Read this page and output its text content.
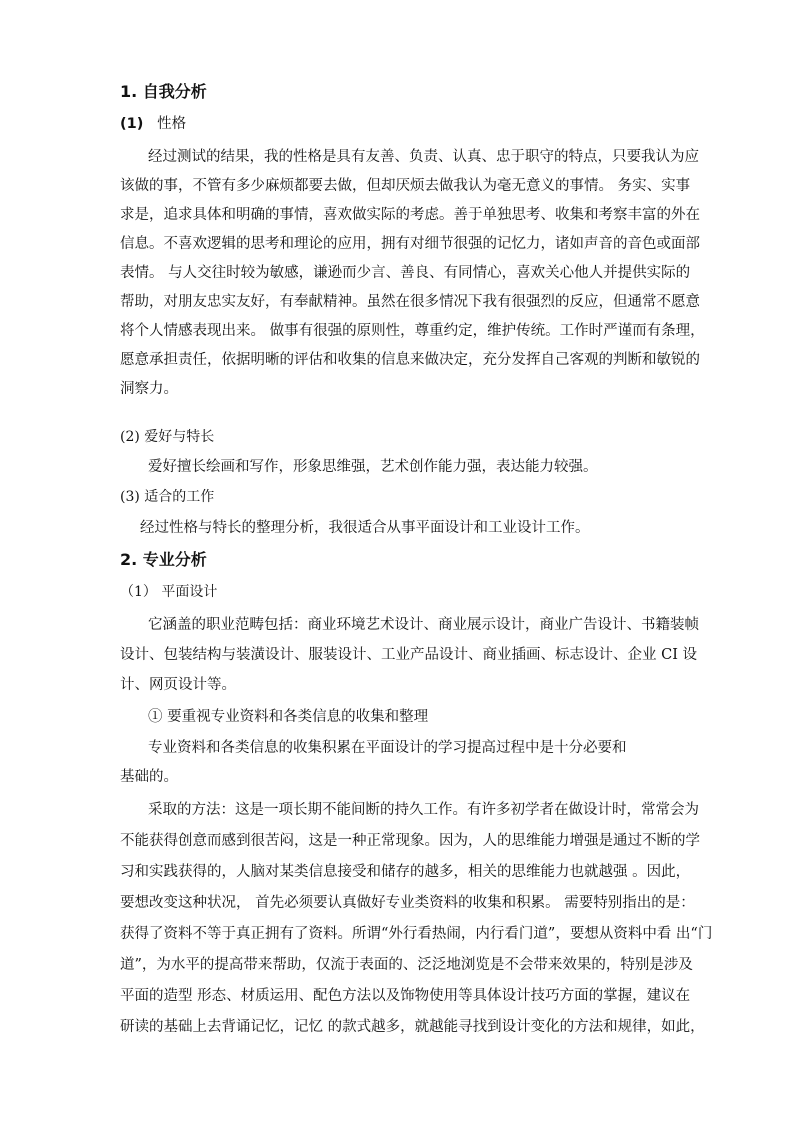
1. 自我分析
(1) 性格
经过测试的结果，我的性格是具有友善、负责、认真、忠于职守的特点，只要我认为应
该做的事，不管有多少麻烦都要去做，但却厌烦去做我认为毫无意义的事情。 务实、实事
求是，追求具体和明确的事情，喜欢做实际的考虑。善于单独思考、收集和考察丰富的外在
信息。不喜欢逻辑的思考和理论的应用，拥有对细节很强的记忆力，诸如声音的音色或面部
表情。 与人交往时较为敏感，谦逊而少言、善良、有同情心，喜欢关心他人并提供实际的
帮助，对朋友忠实友好，有奉献精神。虽然在很多情况下我有很强烈的反应，但通常不愿意
将个人情感表现出来。 做事有很强的原则性，尊重约定，维护传统。工作时严谨而有条理，
愿意承担责任，依据明晰的评估和收集的信息来做决定，充分发挥自己客观的判断和敏锐的
洞察力。
(2) 爱好与特长
爱好擅长绘画和写作，形象思维强，艺术创作能力强，表达能力较强。
(3) 适合的工作
经过性格与特长的整理分析，我很适合从事平面设计和工业设计工作。
2. 专业分析
（1） 平面设计
它涵盖的职业范畴包括：商业环境艺术设计、商业展示设计，商业广告设计、书籍装帧
设计、包装结构与装潢设计、服装设计、工业产品设计、商业插画、标志设计、企业 CI 设
计、网页设计等。
① 要重视专业资料和各类信息的收集和整理
专业资料和各类信息的收集积累在平面设计的学习提高过程中是十分必要和
基础的。
采取的方法：这是一项长期不能间断的持久工作。有许多初学者在做设计时，常常会为
不能获得创意而感到很苦闷，这是一种正常现象。因为，人的思维能力增强是通过不断的学
习和实践获得的，人脑对某类信息接受和储存的越多，相关的思维能力也就越强 。因此，
要想改变这种状况， 首先必须要认真做好专业类资料的收集和积累。 需要特别指出的是：
获得了资料不等于真正拥有了资料。所谓“外行看热闹，内行看门道”，要想从资料中看 出“门
道”，为水平的提高带来帮助，仅流于表面的、泛泛地浏览是不会带来效果的，特别是涉及
平面的造型 形态、材质运用、配色方法以及饰物使用等具体设计技巧方面的掌握，建议在
研读的基础上去背诵记忆，记忆 的款式越多，就越能寻找到设计变化的方法和规律，如此，
